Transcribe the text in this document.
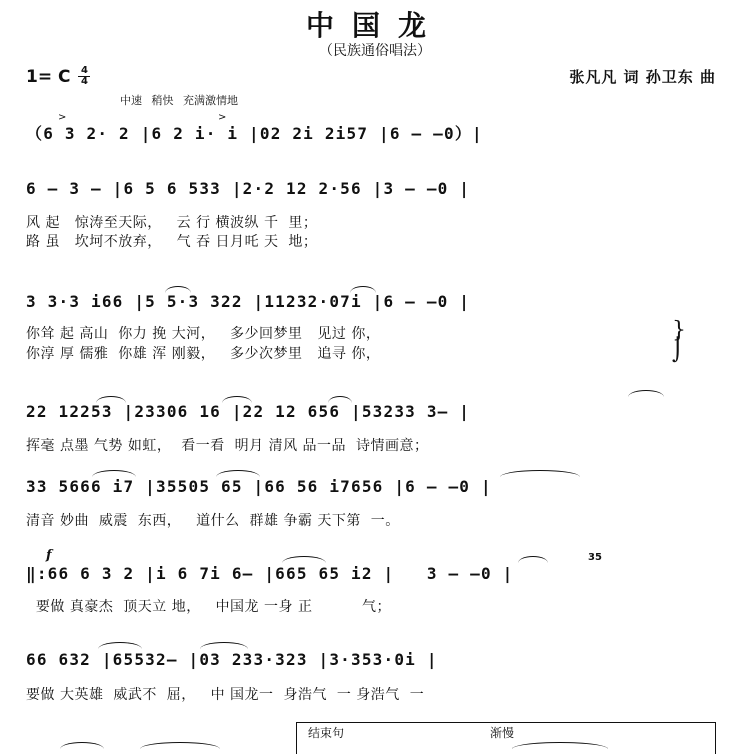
中国龙
（民族通俗唱法）
1= C 4
4	张凡凡 词 孙卫东 曲
中速 稍快 充满激情地
>	>
（6 3 2· 2 |6 2 i· i |02 2i 2i57 |6 — —0）|
6 — 3 — |6 5 6 533 |2·2 12 2·56 |3 — —0 |
风 起   惊涛至天际，   云 行 横波纵 千  里；
路 虽   坎坷不放弃，   气 吞 日月吒 天  地；
3 3·3 i66 |5 5·3 322 |11232·07i |6 — —0 |
你耸 起 高山  你力 挽 大河，   多少回梦里   见过 你，
你淳 厚 儒雅  你雄 浑 刚毅，   多少次梦里   追寻 你，
}
⌡
22 12253 |23306 16 |22 12 656 |53233 3— |
挥毫 点墨 气势 如虹，  看一看  明月 清风 品一品  诗情画意；
33 5666 i7 |35505 65 |66 56 i7656 |6 — —0 |
清音 妙曲  威震  东西，   道什么  群雄 争霸 天下第  一。
f	35
‖:66 6 3 2 |i 6 7i 6— |665 65 i2 |   3 — —0 |
要做 真豪杰  顶天立 地，   中国龙 一身 正          气；
66 632 |65532— |03 233·323 |3·353·0i |
要做 大英雄  威武不  屈，   中 国龙一  身浩气  一 身浩气  一
结束句	渐慢
